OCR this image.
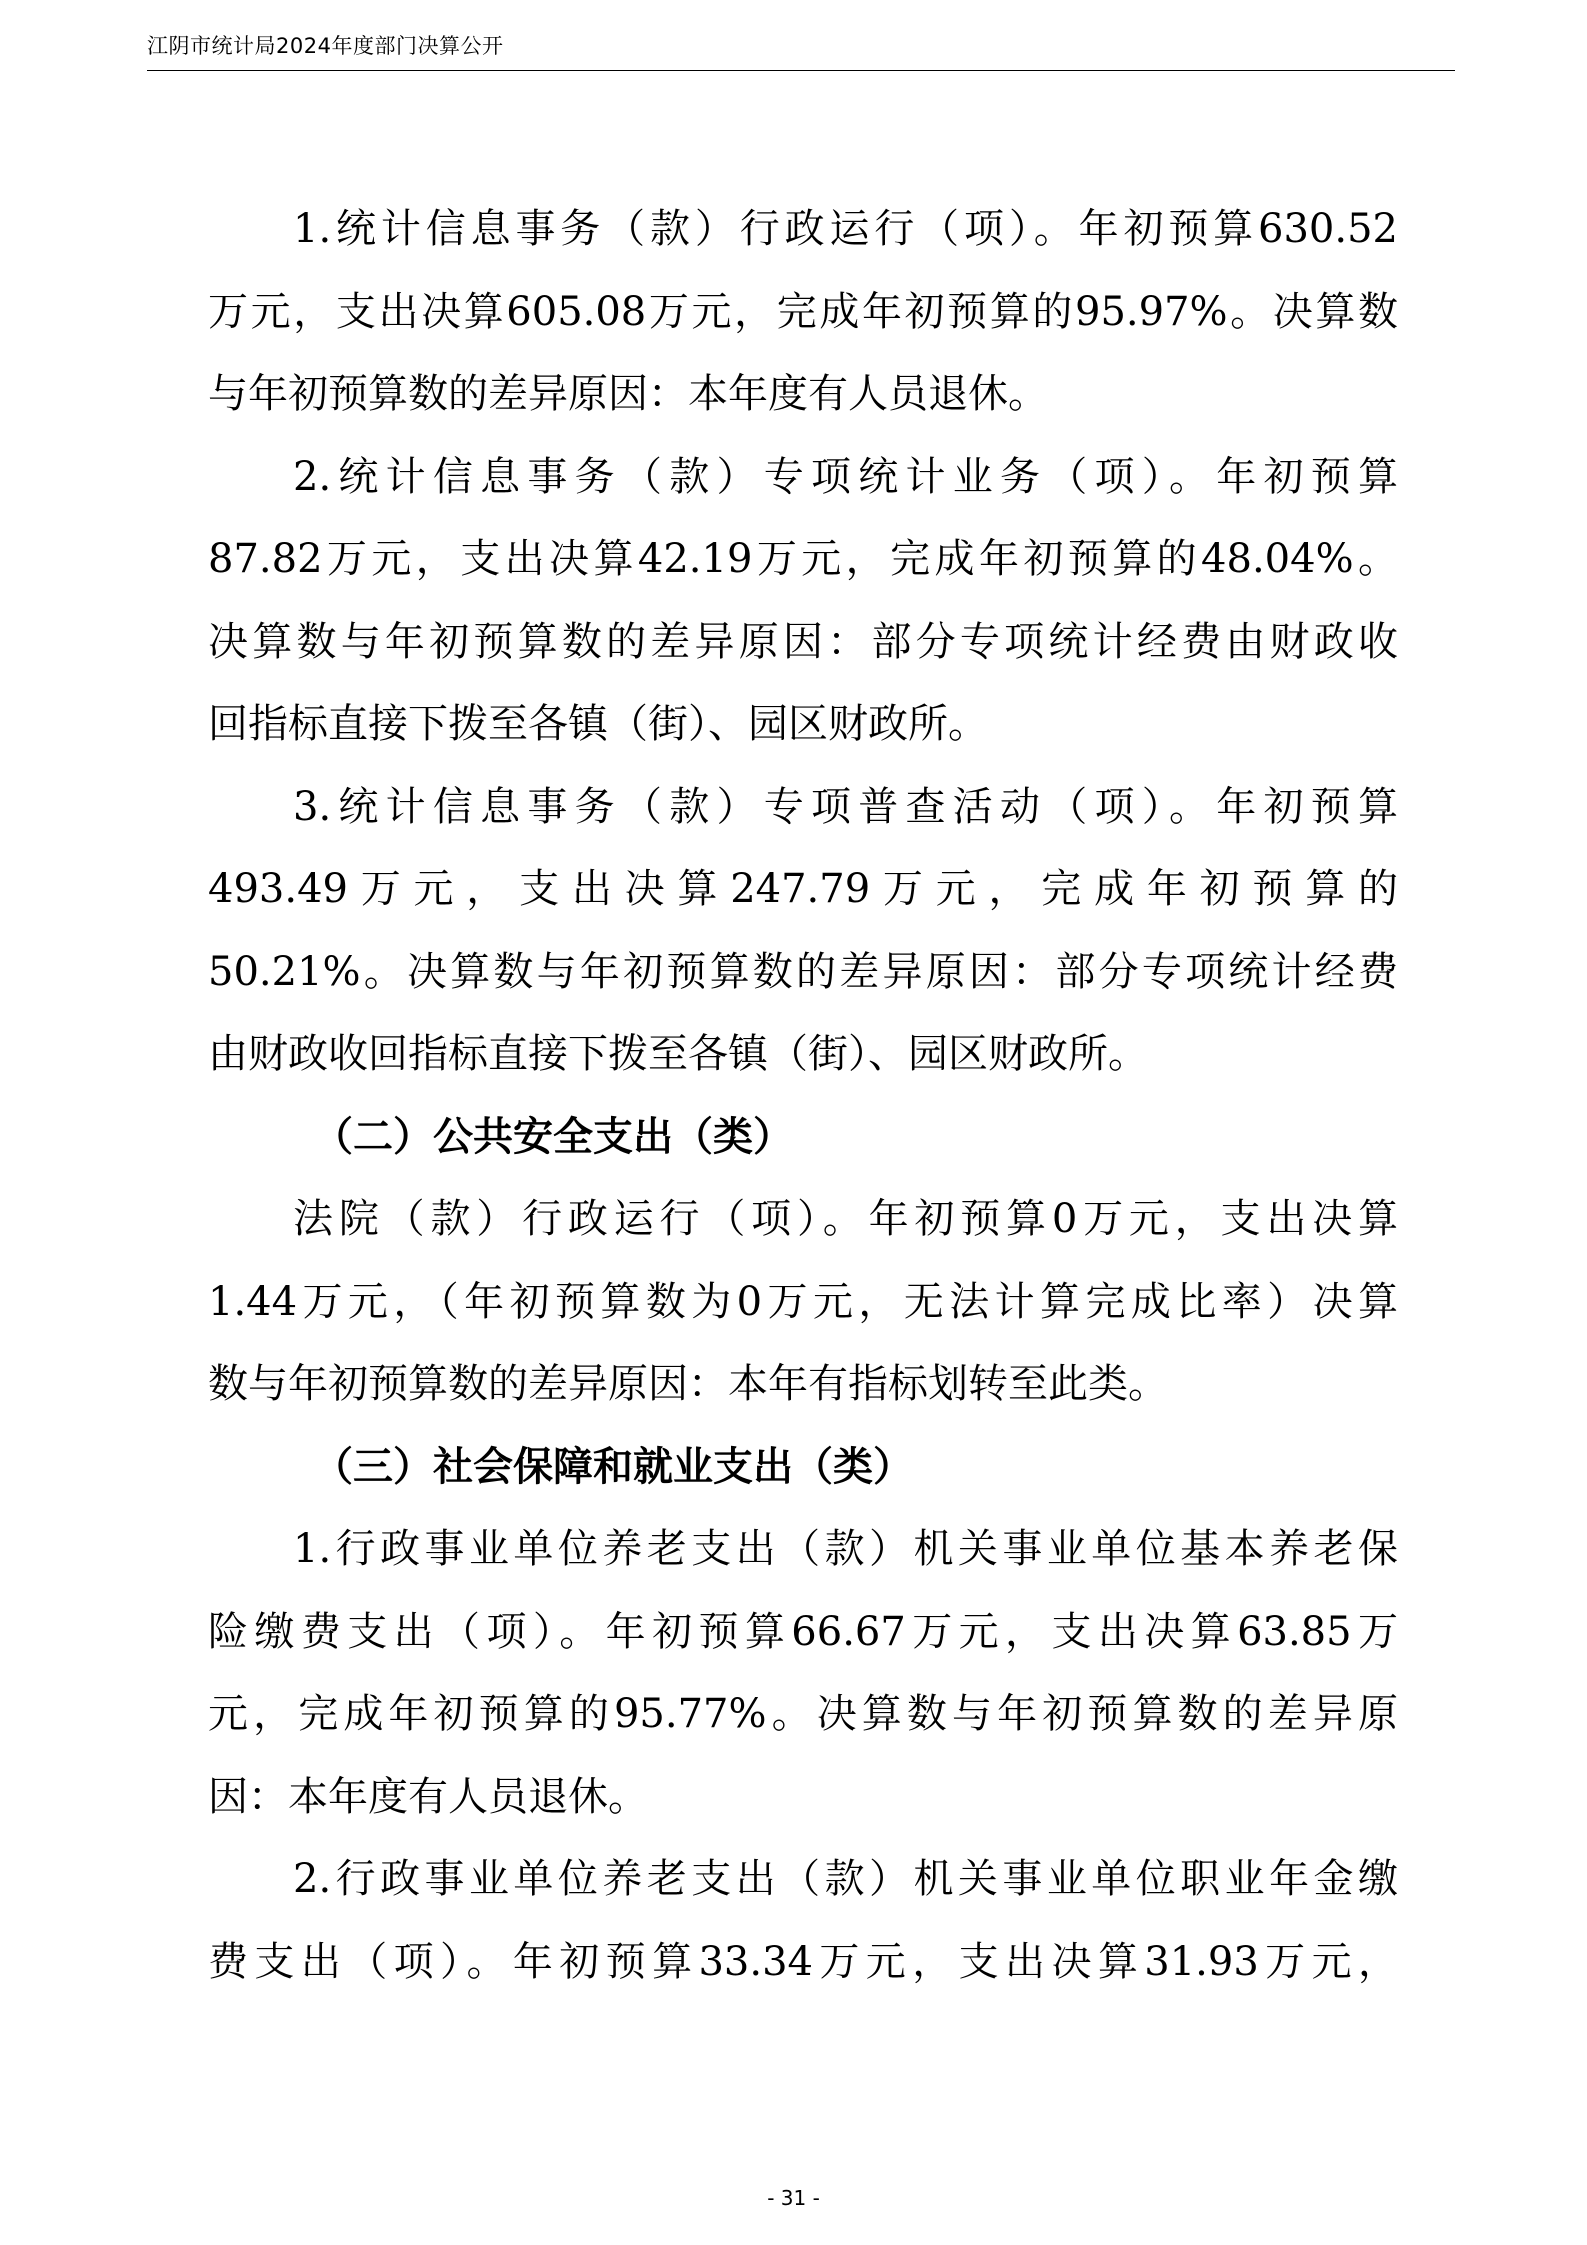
江阴市统计局2024年度部门决算公开
1.统计信息事务（款）行政运行（项）。年初预算630.52
万元，支出决算605.08万元，完成年初预算的95.97%。决算数
与年初预算数的差异原因：本年度有人员退休。
2.统计信息事务（款）专项统计业务（项）。年初预算
87.82万元，支出决算42.19万元，完成年初预算的48.04%。
决算数与年初预算数的差异原因：部分专项统计经费由财政收
回指标直接下拨至各镇（街）、园区财政所。
3.统计信息事务（款）专项普查活动（项）。年初预算
493.49 万 元 ， 支 出 决 算 247.79 万 元 ， 完 成 年 初 预 算 的
50.21%。决算数与年初预算数的差异原因：部分专项统计经费
由财政收回指标直接下拨至各镇（街）、园区财政所。
（二）公共安全支出（类）
法院（款）行政运行（项）。年初预算0万元，支出决算
1.44万元，（年初预算数为0万元，无法计算完成比率）决算
数与年初预算数的差异原因：本年有指标划转至此类。
（三）社会保障和就业支出（类）
1.行政事业单位养老支出（款）机关事业单位基本养老保
险缴费支出（项）。年初预算66.67万元，支出决算63.85万
元，完成年初预算的95.77%。决算数与年初预算数的差异原
因：本年度有人员退休。
2.行政事业单位养老支出（款）机关事业单位职业年金缴
费支出（项）。年初预算33.34万元，支出决算31.93万元，
- 31 -
